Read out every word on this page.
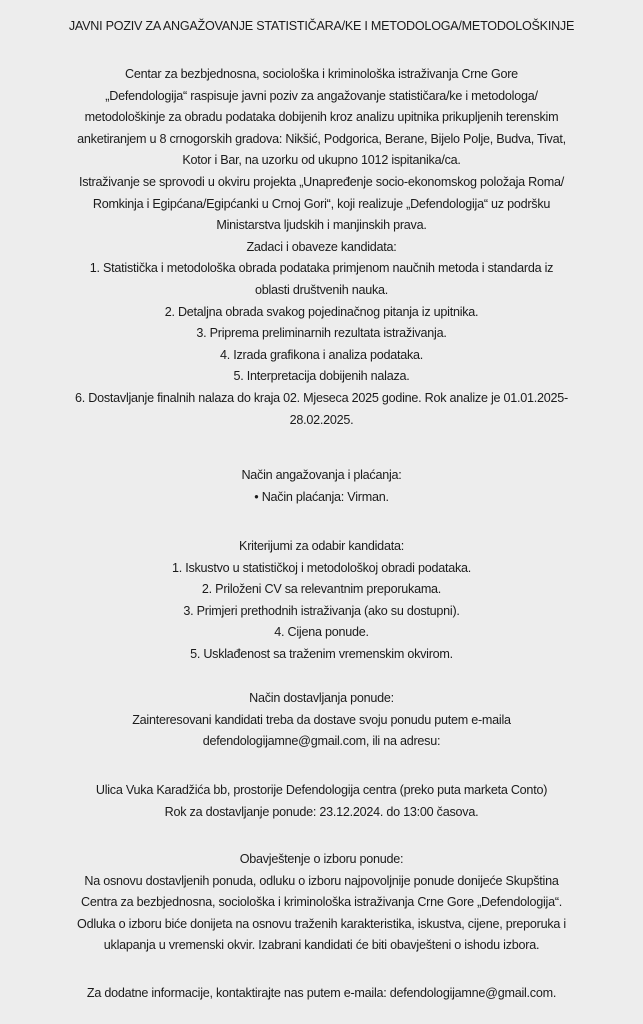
JAVNI POZIV ZA ANGAŽOVANJE STATISTIČARA/KE I METODOLOGA/METODOLOŠKINJE
Centar za bezbjednosna, sociološka i kriminološka istraživanja Crne Gore
„Defendologija“ raspisuje javni poziv za angažovanje statističara/ke i metodologa/
metodološkinje za obradu podataka dobijenih kroz analizu upitnika prikupljenih terenskim
anketiranjem u 8 crnogorskih gradova: Nikšić, Podgorica, Berane, Bijelo Polje, Budva, Tivat,
Kotor i Bar, na uzorku od ukupno 1012 ispitanika/ca.
Istraživanje se sprovodi u okviru projekta „Unapređenje socio-ekonomskog položaja Roma/
Romkinja i Egipćana/Egipćanki u Crnoj Gori“, koji realizuje „Defendologija“ uz podršku
Ministarstva ljudskih i manjinskih prava.
Zadaci i obaveze kandidata:
1. Statistička i metodološka obrada podataka primjenom naučnih metoda i standarda iz
oblasti društvenih nauka.
2. Detaljna obrada svakog pojedinačnog pitanja iz upitnika.
3. Priprema preliminarnih rezultata istraživanja.
4. Izrada grafikona i analiza podataka.
5. Interpretacija dobijenih nalaza.
6. Dostavljanje finalnih nalaza do kraja 02. Mjeseca 2025 godine. Rok analize je 01.01.2025-
28.02.2025.
Način angažovanja i plaćanja:
• Način plaćanja: Virman.
Kriterijumi za odabir kandidata:
1. Iskustvo u statističkoj i metodološkoj obradi podataka.
2. Priloženi CV sa relevantnim preporukama.
3. Primjeri prethodnih istraživanja (ako su dostupni).
4. Cijena ponude.
5. Usklađenost sa traženim vremenskim okvirom.
Način dostavljanja ponude:
Zainteresovani kandidati treba da dostave svoju ponudu putem e-maila
defendologijamne@gmail.com, ili na adresu:
Ulica Vuka Karadžića bb, prostorije Defendologija centra (preko puta marketa Conto)
Rok za dostavljanje ponude: 23.12.2024. do 13:00 časova.
Obavještenje o izboru ponude:
Na osnovu dostavljenih ponuda, odluku o izboru najpovoljnije ponude donijeće Skupština
Centra za bezbjednosna, sociološka i kriminološka istraživanja Crne Gore „Defendologija“.
Odluka o izboru biće donijeta na osnovu traženih karakteristika, iskustva, cijene, preporuka i
uklapanja u vremenski okvir. Izabrani kandidati će biti obavješteni o ishodu izbora.
Za dodatne informacije, kontaktirajte nas putem e-maila: defendologijamne@gmail.com.
